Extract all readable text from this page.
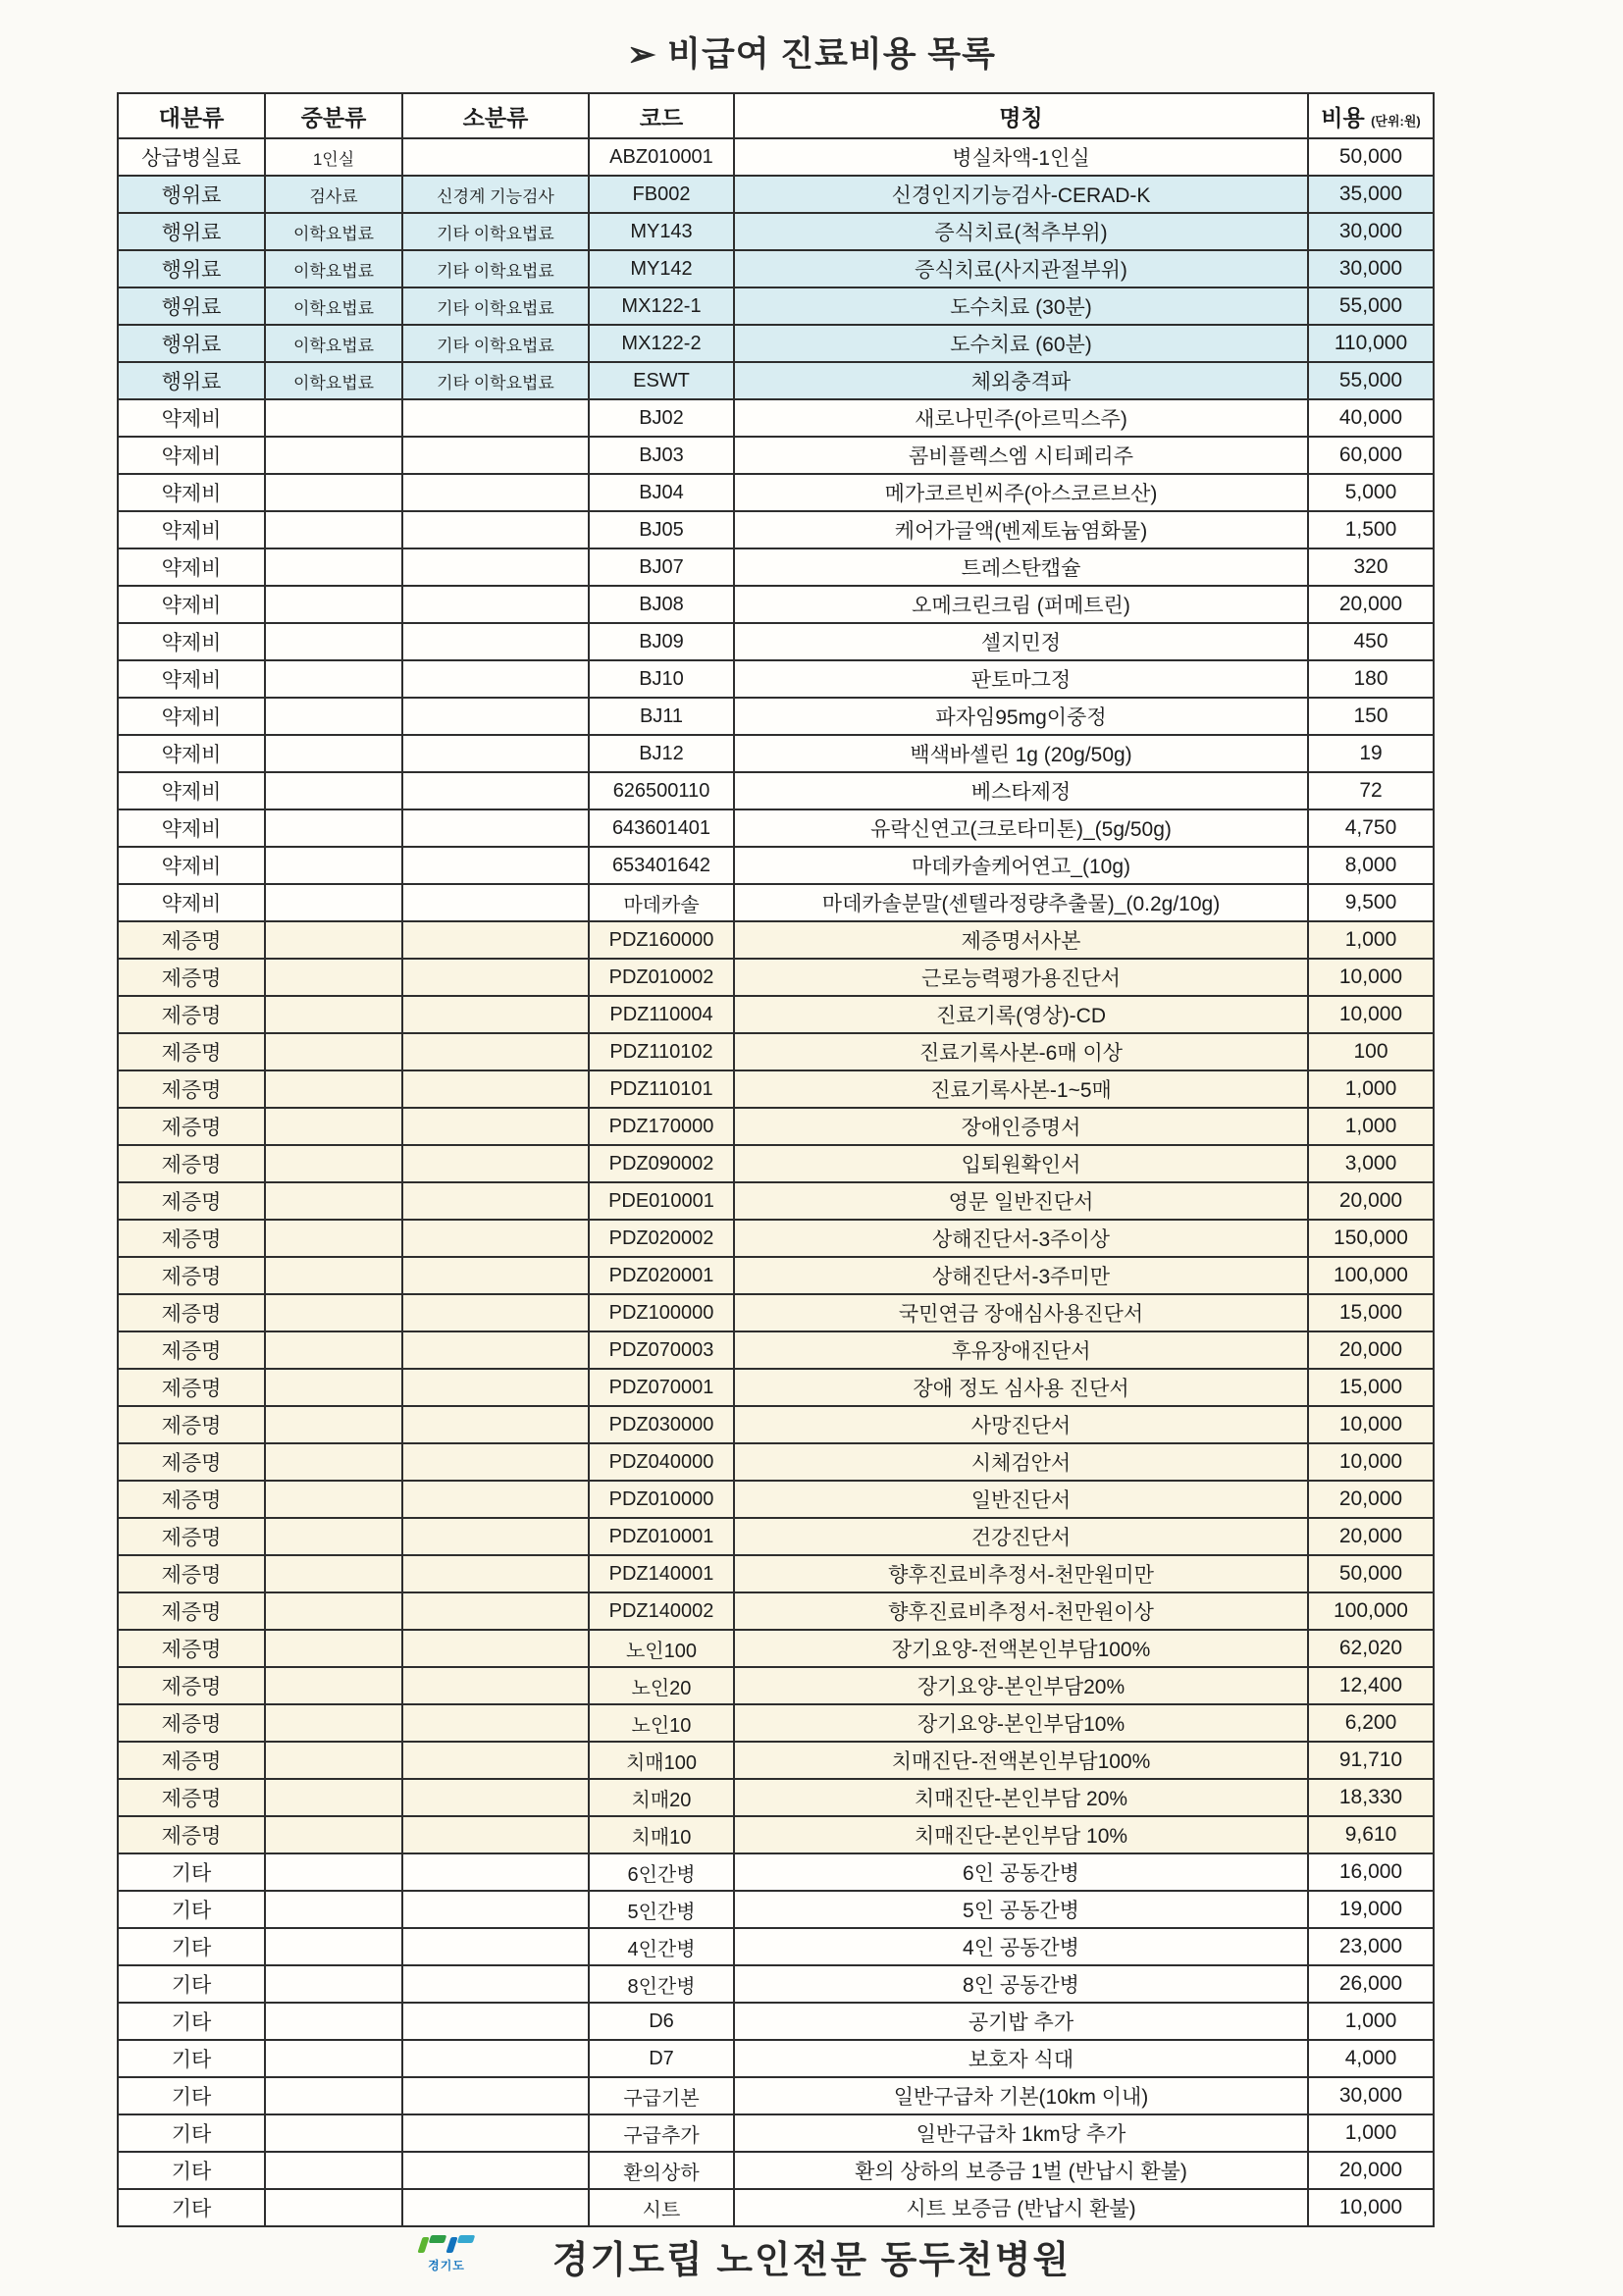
➢ 비급여 진료비용 목록
대분류	중분류	소분류	코드	명칭	비용 (단위:원)
상급병실료	1인실		ABZ010001	병실차액-1인실	50,000
행위료	검사료	신경계 기능검사	FB002	신경인지기능검사-CERAD-K	35,000
행위료	이학요법료	기타 이학요법료	MY143	증식치료(척추부위)	30,000
행위료	이학요법료	기타 이학요법료	MY142	증식치료(사지관절부위)	30,000
행위료	이학요법료	기타 이학요법료	MX122-1	도수치료 (30분)	55,000
행위료	이학요법료	기타 이학요법료	MX122-2	도수치료 (60분)	110,000
행위료	이학요법료	기타 이학요법료	ESWT	체외충격파	55,000
약제비			BJ02	새로나민주(아르믹스주)	40,000
약제비			BJ03	콤비플렉스엠 시티페리주	60,000
약제비			BJ04	메가코르빈씨주(아스코르브산)	5,000
약제비			BJ05	케어가글액(벤제토늄염화물)	1,500
약제비			BJ07	트레스탄캡슐	320
약제비			BJ08	오메크린크림 (퍼메트린)	20,000
약제비			BJ09	셀지민정	450
약제비			BJ10	판토마그정	180
약제비			BJ11	파자임95mg이중정	150
약제비			BJ12	백색바셀린 1g (20g/50g)	19
약제비			626500110	베스타제정	72
약제비			643601401	유락신연고(크로타미톤)_(5g/50g)	4,750
약제비			653401642	마데카솔케어연고_(10g)	8,000
약제비			마데카솔	마데카솔분말(센텔라정량추출물)_(0.2g/10g)	9,500
제증명			PDZ160000	제증명서사본	1,000
제증명			PDZ010002	근로능력평가용진단서	10,000
제증명			PDZ110004	진료기록(영상)-CD	10,000
제증명			PDZ110102	진료기록사본-6매 이상	100
제증명			PDZ110101	진료기록사본-1~5매	1,000
제증명			PDZ170000	장애인증명서	1,000
제증명			PDZ090002	입퇴원확인서	3,000
제증명			PDE010001	영문 일반진단서	20,000
제증명			PDZ020002	상해진단서-3주이상	150,000
제증명			PDZ020001	상해진단서-3주미만	100,000
제증명			PDZ100000	국민연금 장애심사용진단서	15,000
제증명			PDZ070003	후유장애진단서	20,000
제증명			PDZ070001	장애 정도 심사용 진단서	15,000
제증명			PDZ030000	사망진단서	10,000
제증명			PDZ040000	시체검안서	10,000
제증명			PDZ010000	일반진단서	20,000
제증명			PDZ010001	건강진단서	20,000
제증명			PDZ140001	향후진료비추정서-천만원미만	50,000
제증명			PDZ140002	향후진료비추정서-천만원이상	100,000
제증명			노인100	장기요양-전액본인부담100%	62,020
제증명			노인20	장기요양-본인부담20%	12,400
제증명			노인10	장기요양-본인부담10%	6,200
제증명			치매100	치매진단-전액본인부담100%	91,710
제증명			치매20	치매진단-본인부담 20%	18,330
제증명			치매10	치매진단-본인부담 10%	9,610
기타			6인간병	6인 공동간병	16,000
기타			5인간병	5인 공동간병	19,000
기타			4인간병	4인 공동간병	23,000
기타			8인간병	8인 공동간병	26,000
기타			D6	공기밥 추가	1,000
기타			D7	보호자 식대	4,000
기타			구급기본	일반구급차 기본(10km 이내)	30,000
기타			구급추가	일반구급차 1km당 추가	1,000
기타			환의상하	환의 상하의 보증금 1벌 (반납시 환불)	20,000
기타			시트	시트 보증금 (반납시 환불)	10,000
경기도	경기도립 노인전문 동두천병원
